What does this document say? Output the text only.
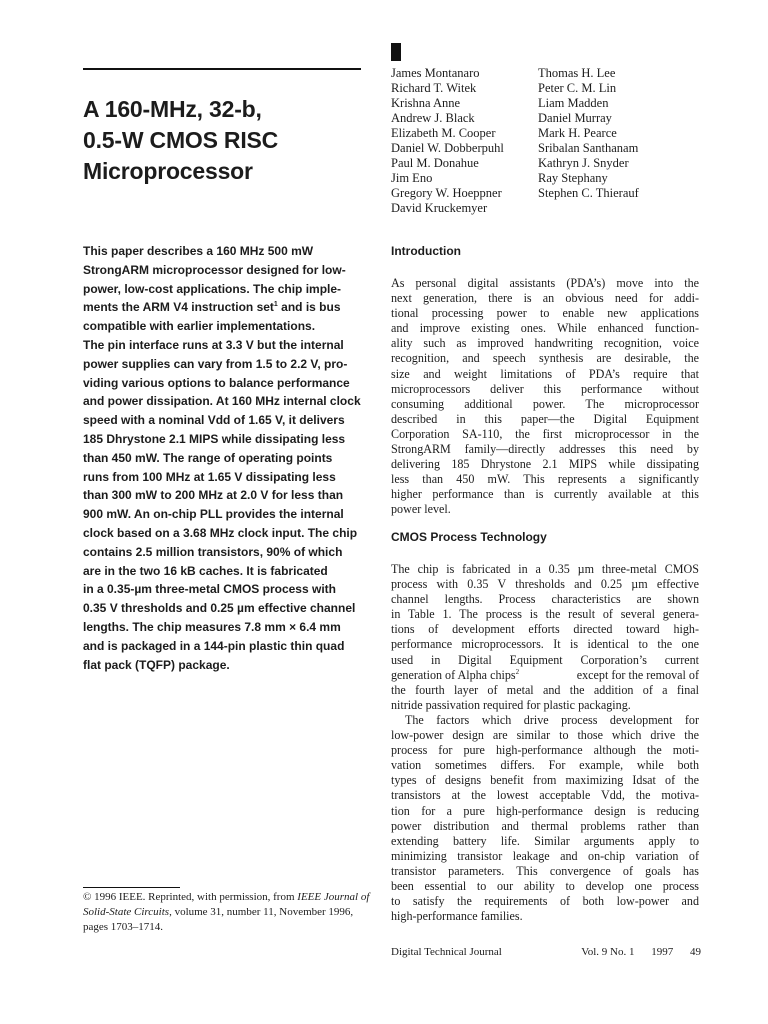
A 160-MHz, 32-b,
0.5-W CMOS RISC
Microprocessor
James Montanaro
Richard T. Witek
Krishna Anne
Andrew J. Black
Elizabeth M. Cooper
Daniel W. Dobberpuhl
Paul M. Donahue
Jim Eno
Gregory W. Hoeppner
David Kruckemyer
Thomas H. Lee
Peter C. M. Lin
Liam Madden
Daniel Murray
Mark H. Pearce
Sribalan Santhanam
Kathryn J. Snyder
Ray Stephany
Stephen C. Thierauf
This paper describes a 160 MHz 500 mW
StrongARM microprocessor designed for low-
power, low-cost applications. The chip imple-
ments the ARM V4 instruction set$^1$ and is bus
compatible with earlier implementations.
The pin interface runs at 3.3 V but the internal
power supplies can vary from 1.5 to 2.2 V, pro-
viding various options to balance performance
and power dissipation. At 160 MHz internal clock
speed with a nominal Vdd of 1.65 V, it delivers
185 Dhrystone 2.1 MIPS while dissipating less
than 450 mW. The range of operating points
runs from 100 MHz at 1.65 V dissipating less
than 300 mW to 200 MHz at 2.0 V for less than
900 mW. An on-chip PLL provides the internal
clock based on a 3.68 MHz clock input. The chip
contains 2.5 million transistors, 90% of which
are in the two 16 kB caches. It is fabricated
in a 0.35-µm three-metal CMOS process with
0.35 V thresholds and 0.25 µm effective channel
lengths. The chip measures 7.8 mm × 6.4 mm
and is packaged in a 144-pin plastic thin quad
flat pack (TQFP) package.
Introduction
As personal digital assistants (PDA’s) move into the
next generation, there is an obvious need for addi-
tional processing power to enable new applications
and improve existing ones. While enhanced function-
ality such as improved handwriting recognition, voice
recognition, and speech synthesis are desirable, the
size and weight limitations of PDA’s require that
microprocessors deliver this performance without
consuming additional power. The microprocessor
described in this paper—the Digital Equipment
Corporation SA-110, the first microprocessor in the
StrongARM family—directly addresses this need by
delivering 185 Dhrystone 2.1 MIPS while dissipating
less than 450 mW. This represents a significantly
higher performance than is currently available at this
power level.
CMOS Process Technology
The chip is fabricated in a 0.35 µm three-metal CMOS
process with 0.35 V thresholds and 0.25 µm effective
channel lengths. Process characteristics are shown
in Table 1. The process is the result of several genera-
tions of development efforts directed toward high-
performance microprocessors. It is identical to the one
used in Digital Equipment Corporation’s current
generation of Alpha chips$^2$	except for the removal of
the fourth layer of metal and the addition of a final
nitride passivation required for plastic packaging.
The factors which drive process development for
low-power design are similar to those which drive the
process for pure high-performance although the moti-
vation sometimes differs. For example, while both
types of designs benefit from maximizing Idsat of the
transistors at the lowest acceptable Vdd, the motiva-
tion for a pure high-performance design is reducing
power distribution and thermal problems rather than
extending battery life. Similar arguments apply to
minimizing transistor leakage and on-chip variation of
transistor parameters. This convergence of goals has
been essential to our ability to develop one process
to satisfy the requirements of both low-power and
high-performance families.
© 1996 IEEE. Reprinted, with permission, from IEEE Journal of
Solid-State Circuits, volume 31, number 11, November 1996,
pages 1703–1714.
Digital Technical Journal	Vol. 9 No. 1 1997 49
